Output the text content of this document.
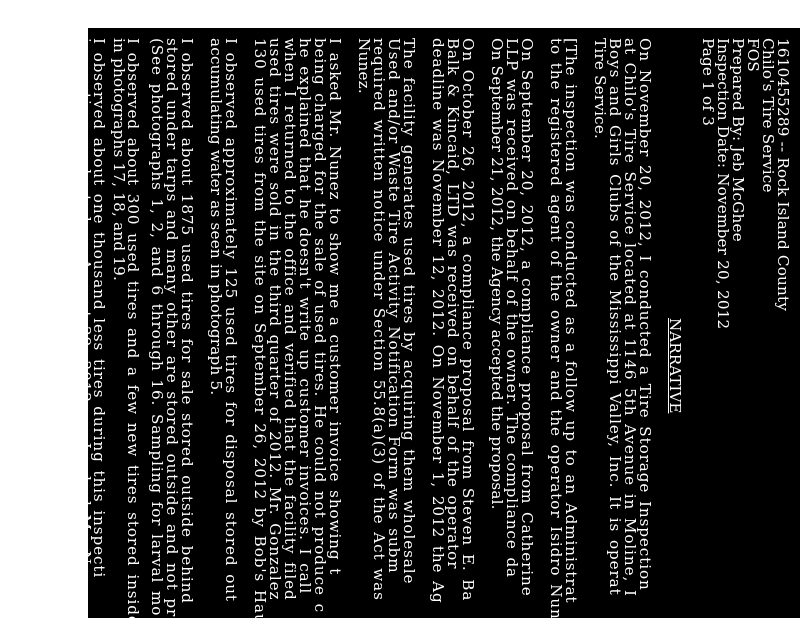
1610455289 -- Rock Island County
Chilo's Tire Service
FOS
Prepared By: Jeb McGhee
Inspection Date: November 20, 2012
Page 1 of 3
NARRATIVE
On November 20, 2012, I conducted a Tire Storage Inspection
at Chilo's Tire Service located at 1146 5th Avenue in Moline, I
Boys and Girls Clubs of the Mississippi Valley, Inc. It is operat
Tire Service.
[The inspection was conducted as a follow up to an Administrat
to the registered agent of the owner and the operator Isidro Nune
On September 20, 2012, a compliance proposal from Catherine
LLP was received on behalf of the owner. The compliance da
On September 21, 2012, the Agency accepted the proposal.
On October 26, 2012, a compliance proposal from Steven E. Ba
Balk & Kincaid, LTD was received on behalf of the operator
deadline was November 12, 2012. On November 1, 2012 the Ag
The facility generates used tires by acquiring them wholesale
Used and/or Waste Tire Activity Notification Form was subm
required written notice under Section 55.8(a)(3) of the Act was
Nunez.
I asked Mr. Nunez to show me a customer invoice showing t
being charged for the sale of used tires. He could not produce c
he explained that he doesn't write up customer invoices. I call
when I returned to the office and verified that the facility filed
used tires were sold in the third quarter of 2012. Mr. Gonzalez
130 used tires from the site on September 26, 2012 by Bob's Hau
I observed approximately 125 used tires for disposal stored out
accumulating water as seen in photograph 5.
I observed about 1875 used tires for sale stored outside behind
stored under tarps and many other are stored outside and not pro
(See photographs 1, 2, and 6 through 16. Sampling for larval mo
I observed about 300 used tires and a few new tires stored inside
in photographs 17, 18, and 19.
I observed about one thousand less tires during this inspecti
inspection conducted on August 29, 2012, so I asked Mr. Nunez
explained that he removed approximately 800 used tires from the
relocated to a private garage owned by Rosus Narciso locate
